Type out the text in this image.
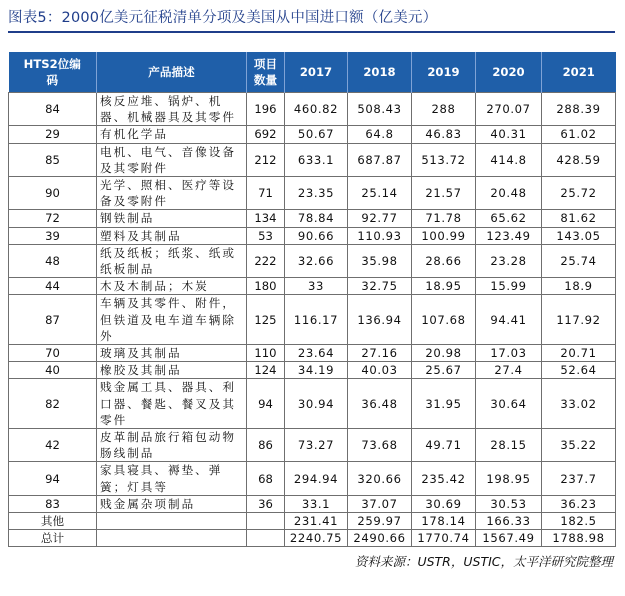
图表5：2000亿美元征税清单分项及美国从中国进口额（亿美元）
HTS2位编码	产品描述	项目数量	2017	2018	2019	2020	2021
84	核反应堆、锅炉、机器、机械器具及其零件	196	460.82	508.43	288	270.07	288.39
29	有机化学品	692	50.67	64.8	46.83	40.31	61.02
85	电机、电气、音像设备及其零附件	212	633.1	687.87	513.72	414.8	428.59
90	光学、照相、医疗等设备及零附件	71	23.35	25.14	21.57	20.48	25.72
72	钢铁制品	134	78.84	92.77	71.78	65.62	81.62
39	塑料及其制品	53	90.66	110.93	100.99	123.49	143.05
48	纸及纸板；纸浆、纸或纸板制品	222	32.66	35.98	28.66	23.28	25.74
44	木及木制品；木炭	180	33	32.75	18.95	15.99	18.9
87	车辆及其零件、附件，但铁道及电车道车辆除外	125	116.17	136.94	107.68	94.41	117.92
70	玻璃及其制品	110	23.64	27.16	20.98	17.03	20.71
40	橡胶及其制品	124	34.19	40.03	25.67	27.4	52.64
82	贱金属工具、器具、利口器、餐匙、餐叉及其零件	94	30.94	36.48	31.95	30.64	33.02
42	皮革制品旅行箱包动物肠线制品	86	73.27	73.68	49.71	28.15	35.22
94	家具寝具、褥垫、弹簧；灯具等	68	294.94	320.66	235.42	198.95	237.7
83	贱金属杂项制品	36	33.1	37.07	30.69	30.53	36.23
其他			231.41	259.97	178.14	166.33	182.5
总计			2240.75	2490.66	1770.74	1567.49	1788.98
资料来源：USTR，USTIC，太平洋研究院整理
